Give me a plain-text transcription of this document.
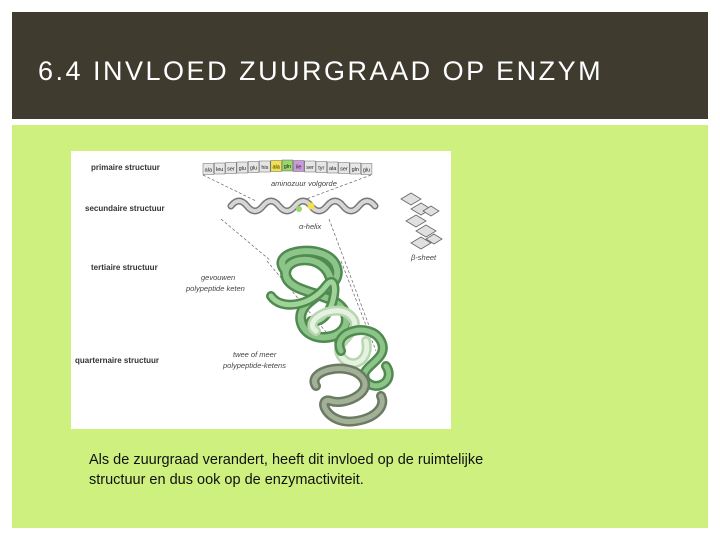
6.4 INVLOED ZUURGRAAD OP ENZYM
primaire structuur
secundaire structuur
tertiaire structuur
quarternaire structuur
ala leu ser glu glu his ala gln ile ser tyr ala ser gln glu
aminozuur volgorde
α-helix
β-sheet
gevouwen
polypeptide keten
twee of meer
polypeptide-ketens
Als de zuurgraad verandert, heeft dit invloed op de ruimtelijke
structuur en dus ook op de enzymactiviteit.
